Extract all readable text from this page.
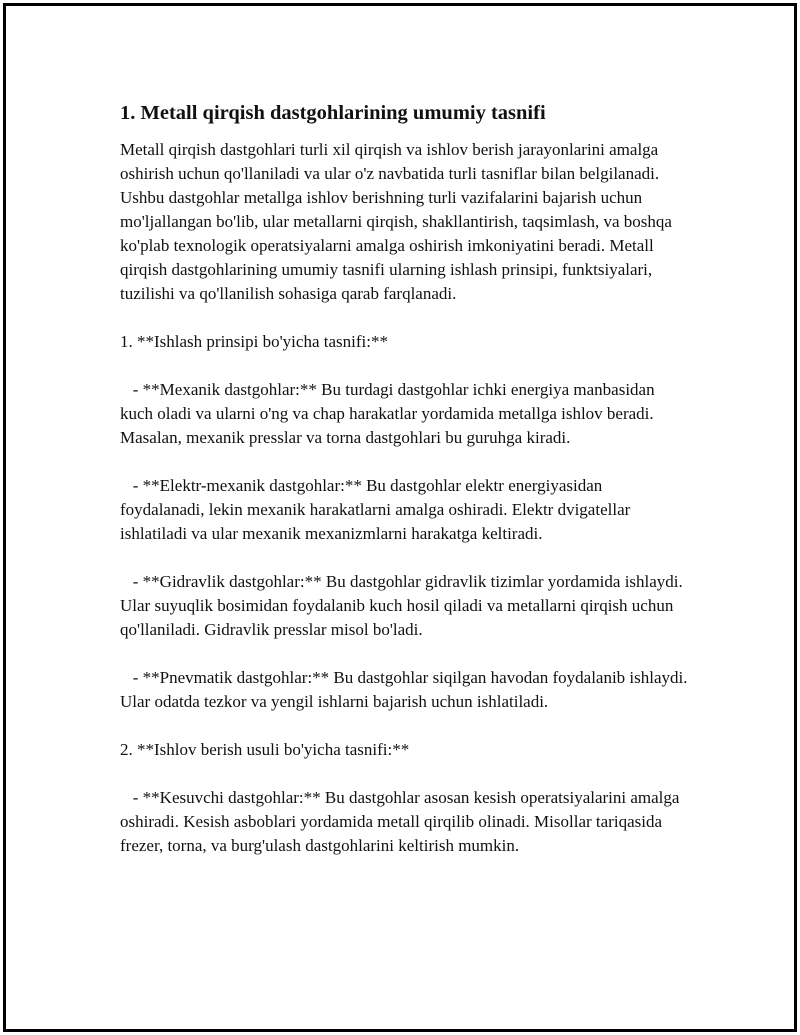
1. Metall qirqish dastgohlarining umumiy tasnifi

Metall qirqish dastgohlari turli xil qirqish va ishlov berish jarayonlarini amalga oshirish uchun qo'llaniladi va ular o'z navbatida turli tasniflar bilan belgilanadi. Ushbu dastgohlar metallga ishlov berishning turli vazifalarini bajarish uchun mo'ljallangan bo'lib, ular metallarni qirqish, shakllantirish, taqsimlash, va boshqa ko'plab texnologik operatsiyalarni amalga oshirish imkoniyatini beradi. Metall qirqish dastgohlarining umumiy tasnifi ularning ishlash prinsipi, funktsiyalari, tuzilishi va qo'llanilish sohasiga qarab farqlanadi.

1. **Ishlash prinsipi bo'yicha tasnifi:**

- **Mexanik dastgohlar:** Bu turdagi dastgohlar ichki energiya manbasidan kuch oladi va ularni o'ng va chap harakatlar yordamida metallga ishlov beradi. Masalan, mexanik presslar va torna dastgohlari bu guruhga kiradi.

- **Elektr-mexanik dastgohlar:** Bu dastgohlar elektr energiyasidan foydalanadi, lekin mexanik harakatlarni amalga oshiradi. Elektr dvigatellar ishlatiladi va ular mexanik mexanizmlarni harakatga keltiradi.

- **Gidravlik dastgohlar:** Bu dastgohlar gidravlik tizimlar yordamida ishlaydi. Ular suyuqlik bosimidan foydalanib kuch hosil qiladi va metallarni qirqish uchun qo'llaniladi. Gidravlik presslar misol bo'ladi.

- **Pnevmatik dastgohlar:** Bu dastgohlar siqilgan havodan foydalanib ishlaydi. Ular odatda tezkor va yengil ishlarni bajarish uchun ishlatiladi.

2. **Ishlov berish usuli bo'yicha tasnifi:**

- **Kesuvchi dastgohlar:** Bu dastgohlar asosan kesish operatsiyalarini amalga oshiradi. Kesish asboblari yordamida metall qirqilib olinadi. Misollar tariqasida frezer, torna, va burg'ulash dastgohlarini keltirish mumkin.
